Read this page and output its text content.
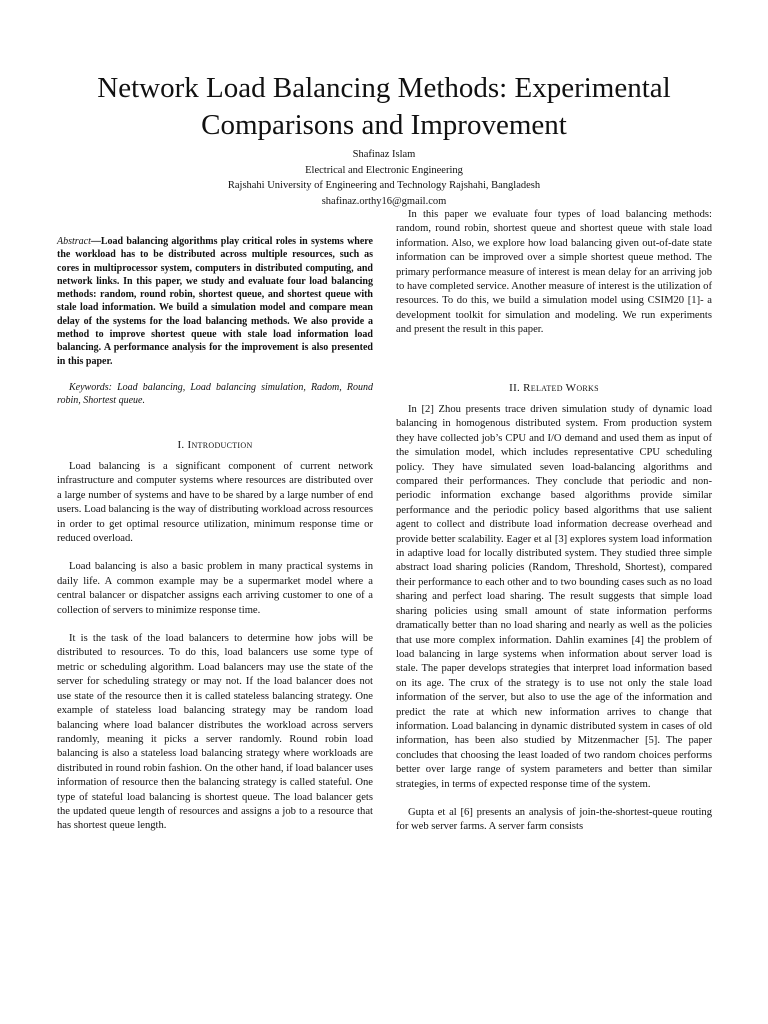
Network Load Balancing Methods: Experimental Comparisons and Improvement
Shafinaz Islam
Electrical and Electronic Engineering
Rajshahi University of Engineering and Technology Rajshahi, Bangladesh
shafinaz.orthy16@gmail.com

Abstract—Load balancing algorithms play critical roles in systems where the workload has to be distributed across multiple resources, such as cores in multiprocessor system, computers in distributed computing, and network links. In this paper, we study and evaluate four load balancing methods: random, round robin, shortest queue, and shortest queue with stale load information. We build a simulation model and compare mean delay of the systems for the load balancing methods. We also provide a method to improve shortest queue with stale load information load balancing. A performance analysis for the improvement is also presented in this paper.

Keywords: Load balancing, Load balancing simulation, Radom, Round robin, Shortest queue.

I. Introduction

Load balancing is a significant component of current network infrastructure and computer systems where resources are distributed over a large number of systems and have to be shared by a large number of end users. Load balancing is the way of distributing workload across resources in order to get optimal resource utilization, minimum response time or reduced overload.

Load balancing is also a basic problem in many practical systems in daily life. A common example may be a supermarket model where a central balancer or dispatcher assigns each arriving customer to one of a collection of servers to minimize response time.

It is the task of the load balancers to determine how jobs will be distributed to resources. To do this, load balancers use some type of metric or scheduling algorithm. Load balancers may use the state of the server for scheduling strategy or may not. If the load balancer does not use state of the resource then it is called stateless balancing strategy. One example of stateless load balancing strategy may be random load balancing where load balancer distributes the workload across servers randomly, meaning it picks a server randomly. Round robin load balancing is also a stateless load balancing strategy where workloads are distributed in round robin fashion. On the other hand, if load balancer uses information of resource then the balancing strategy is called stateful. One type of stateful load balancing is shortest queue. The load balancer gets the updated queue length of resources and assigns a job to a resource that has shortest queue length.

In this paper we evaluate four types of load balancing methods: random, round robin, shortest queue and shortest queue with stale load information. Also, we explore how load balancing given out-of-date state information can be improved over a simple shortest queue method. The primary performance measure of interest is mean delay for an arriving job to have completed service. Another measure of interest is the utilization of resources. To do this, we build a simulation model using CSIM20 [1]- a development toolkit for simulation and modeling. We run experiments and present the result in this paper.

II. Related Works

In [2] Zhou presents trace driven simulation study of dynamic load balancing in homogenous distributed system. From production system they have collected job’s CPU and I/O demand and used them as input of the simulation model, which includes representative CPU scheduling policy. They have simulated seven load-balancing algorithms and compared their performances. They conclude that periodic and non-periodic information exchange based algorithms provide similar performance and the periodic policy based algorithms that use salient agent to collect and distribute load information decrease overhead and provide better scalability. Eager et al [3] explores system load information in adaptive load for locally distributed system. They studied three simple abstract load sharing policies (Random, Threshold, Shortest), compared their performance to each other and to two bounding cases such as no load sharing and perfect load sharing. The result suggests that simple load sharing policies using small amount of state information performs dramatically better than no load sharing and nearly as well as the policies that use more complex information. Dahlin examines [4] the problem of load balancing in large systems when information about server load is stale. The paper develops strategies that interpret load information based on its age. The crux of the strategy is to use not only the stale load information of the server, but also to use the age of the information and predict the rate at which new information arrives to change that information. Load balancing in dynamic distributed system in cases of old information, has been also studied by Mitzenmacher [5]. The paper concludes that choosing the least loaded of two random choices performs better over large range of system parameters and better than similar strategies, in terms of expected response time of the system.

Gupta et al [6] presents an analysis of join-the-shortest-queue routing for web server farms. A server farm consists
